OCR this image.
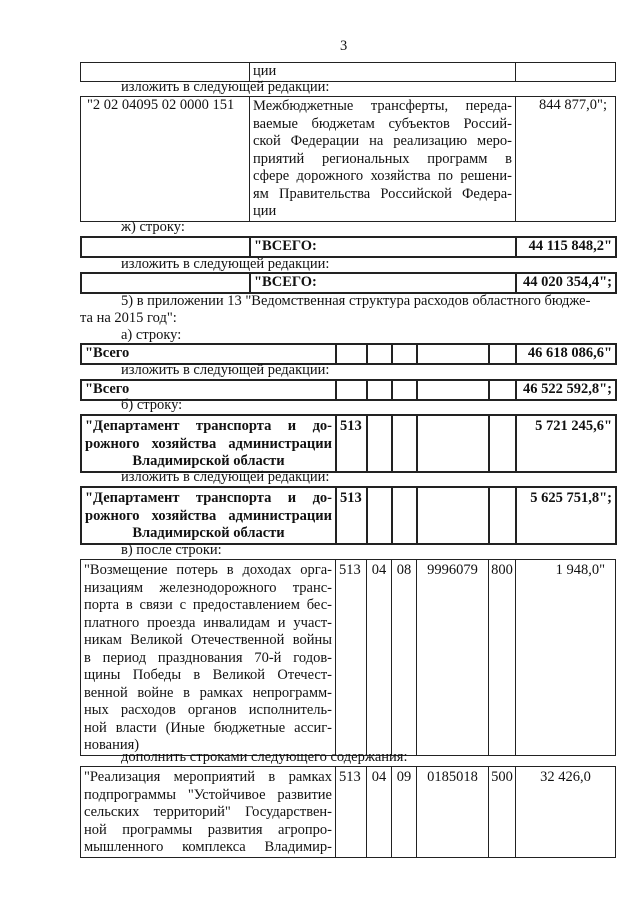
3
	ции	
изложить в следующей редакции:
"2 02 04095 02 0000 151	Межбюджетные трансферты, переда-
ваемые бюджетам субъектов Россий-
ской Федерации на реализацию меро-
приятий региональных программ в
сфере дорожного хозяйства по решени-
ям Правительства Российской Федера-
ции
	844 877,0";
ж) строку:
	"ВСЕГО:	44 115 848,2"
изложить в следующей редакции:
	"ВСЕГО:	44 020 354,4";
5) в приложении 13 "Ведомственная структура расходов областного бюдже-
та на 2015 год":
а) строку:
"Всего						46 618 086,6"
изложить в следующей редакции:
"Всего						46 522 592,8";
б) строку:
"Департамент транспорта и до-
рожного хозяйства администрации
Владимирской области
	513					5 721 245,6"
изложить в следующей редакции:
"Департамент транспорта и до-
рожного хозяйства администрации
Владимирской области
	513					5 625 751,8";
в) после строки:
"Возмещение потерь в доходах орга-
низациям железнодорожного транс-
порта в связи с предоставлением бес-
платного проезда инвалидам и участ-
никам Великой Отечественной войны
в период празднования 70-й годов-
щины Победы в Великой Отечест-
венной войне в рамках непрограмм-
ных расходов органов исполнитель-
ной власти (Иные бюджетные ассиг-
нования)
	513	04	08	9996079	800	1 948,0"
дополнить строками следующего содержания:
"Реализация мероприятий в рамках
подпрограммы "Устойчивое развитие
сельских территорий" Государствен-
ной программы развития агропро-
мышленного комплекса Владимир-
	513	04	09	0185018	500	32 426,0
